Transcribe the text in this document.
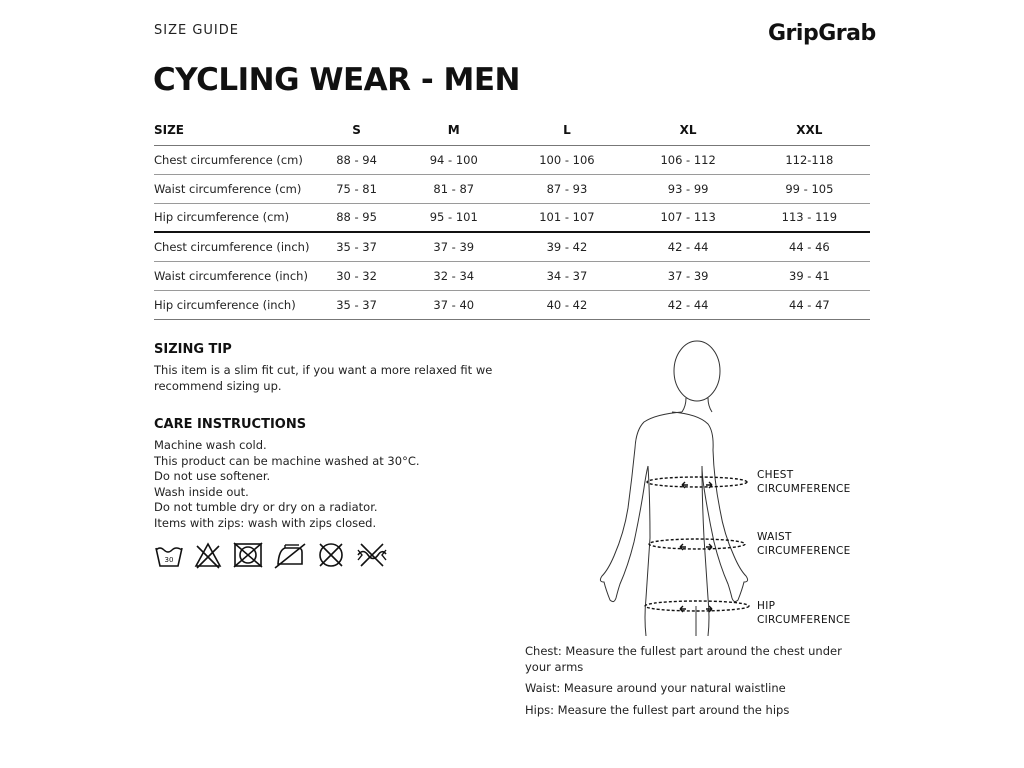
SIZE GUIDE	GripGrab
CYCLING WEAR - MEN
SIZE	S	M	L	XL	XXL
Chest circumference (cm)	88 - 94	94 - 100	100 - 106	106 - 112	112-118
Waist circumference (cm)	75 - 81	81 - 87	87 - 93	93 - 99	99 - 105
Hip circumference (cm)	88 - 95	95 - 101	101 - 107	107 - 113	113 - 119
Chest circumference (inch)	35 - 37	37 - 39	39 - 42	42 - 44	44 - 46
Waist circumference (inch)	30 - 32	32 - 34	34 - 37	37 - 39	39 - 41
Hip circumference (inch)	35 - 37	37 - 40	40 - 42	42 - 44	44 - 47
SIZING TIP
This item is a slim fit cut, if you want a more relaxed fit we
recommend sizing up.
CARE INSTRUCTIONS
Machine wash cold.
This product can be machine washed at 30°C.
Do not use softener.
Wash inside out.
Do not tumble dry or dry on a radiator.
Items with zips: wash with zips closed.
30
CHEST
CIRCUMFERENCE
WAIST
CIRCUMFERENCE
HIP
CIRCUMFERENCE
Chest: Measure the fullest part around the chest under your arms
Waist: Measure around your natural waistline
Hips: Measure the fullest part around the hips
